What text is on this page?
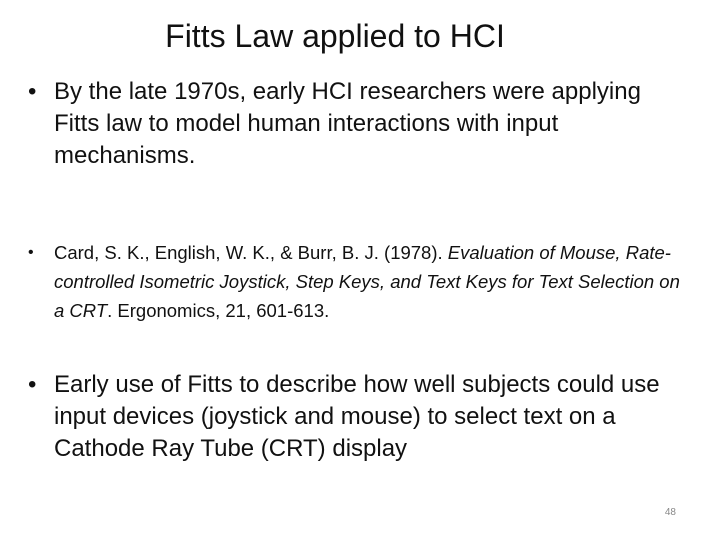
Fitts Law applied to HCI
• By the late 1970s, early HCI researchers were applying Fitts law to model human interactions with input mechanisms.
•	Card, S. K., English, W. K., & Burr, B. J. (1978). Evaluation of Mouse, Rate-controlled Isometric Joystick, Step Keys, and Text Keys for Text Selection on a CRT. Ergonomics, 21, 601-613.
• Early use of Fitts to describe how well subjects could use input devices (joystick and mouse) to select text on a Cathode Ray Tube (CRT) display
48
